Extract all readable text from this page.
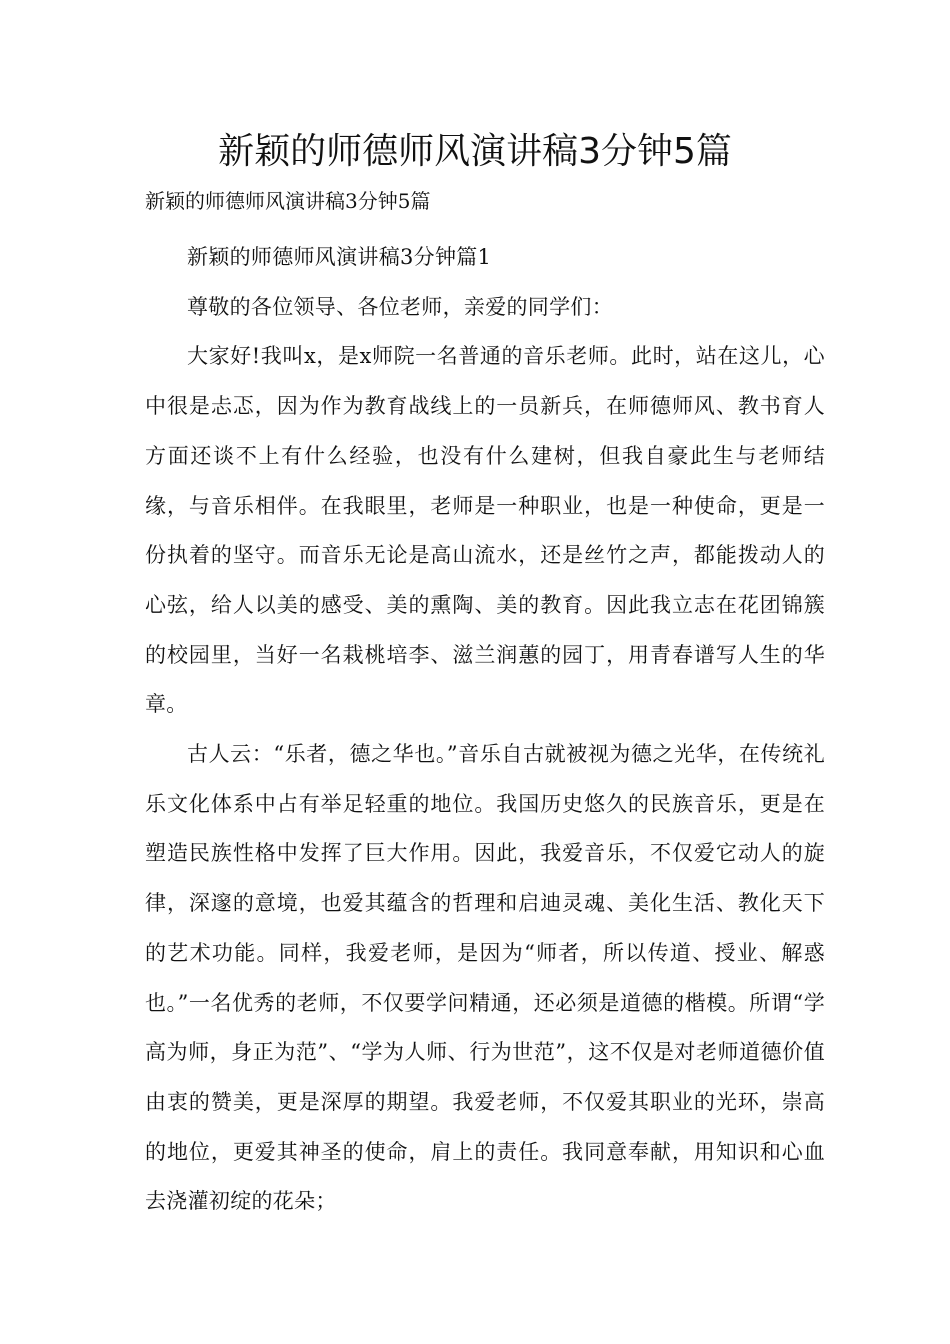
新颖的师德师风演讲稿3分钟5篇

新颖的师德师风演讲稿3分钟5篇

新颖的师德师风演讲稿3分钟篇1

尊敬的各位领导、各位老师，亲爱的同学们：

大家好!我叫x，是x师院一名普通的音乐老师。此时，站在这儿，心中很是忐忑，因为作为教育战线上的一员新兵，在师德师风、教书育人方面还谈不上有什么经验，也没有什么建树，但我自豪此生与老师结缘，与音乐相伴。在我眼里，老师是一种职业，也是一种使命，更是一份执着的坚守。而音乐无论是高山流水，还是丝竹之声，都能拨动人的心弦，给人以美的感受、美的熏陶、美的教育。因此我立志在花团锦簇的校园里，当好一名栽桃培李、滋兰润蕙的园丁，用青春谱写人生的华章。

古人云：“乐者，德之华也。”音乐自古就被视为德之光华，在传统礼乐文化体系中占有举足轻重的地位。我国历史悠久的民族音乐，更是在塑造民族性格中发挥了巨大作用。因此，我爱音乐，不仅爱它动人的旋律，深邃的意境，也爱其蕴含的哲理和启迪灵魂、美化生活、教化天下的艺术功能。同样，我爱老师，是因为“师者，所以传道、授业、解惑也。”一名优秀的老师，不仅要学问精通，还必须是道德的楷模。所谓“学高为师，身正为范”、“学为人师、行为世范”，这不仅是对老师道德价值由衷的赞美，更是深厚的期望。我爱老师，不仅爱其职业的光环，崇高的地位，更爱其神圣的使命，肩上的责任。我同意奉献，用知识和心血去浇灌初绽的花朵；
